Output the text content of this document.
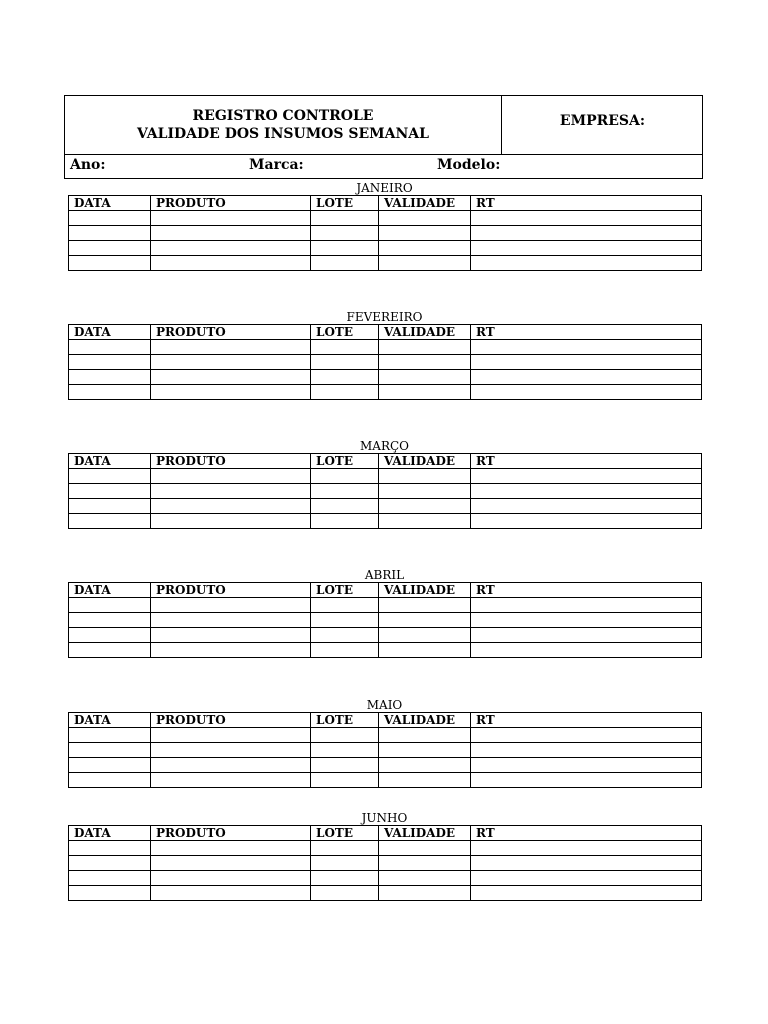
REGISTRO CONTROLE
VALIDADE DOS INSUMOS SEMANAL
EMPRESA:
Ano:	Marca:	Modelo:
JANEIRO
DATA	PRODUTO	LOTE	VALIDADE	RT

FEVEREIRO
DATA	PRODUTO	LOTE	VALIDADE	RT

MARÇO
DATA	PRODUTO	LOTE	VALIDADE	RT

ABRIL
DATA	PRODUTO	LOTE	VALIDADE	RT

MAIO
DATA	PRODUTO	LOTE	VALIDADE	RT

JUNHO
DATA	PRODUTO	LOTE	VALIDADE	RT
